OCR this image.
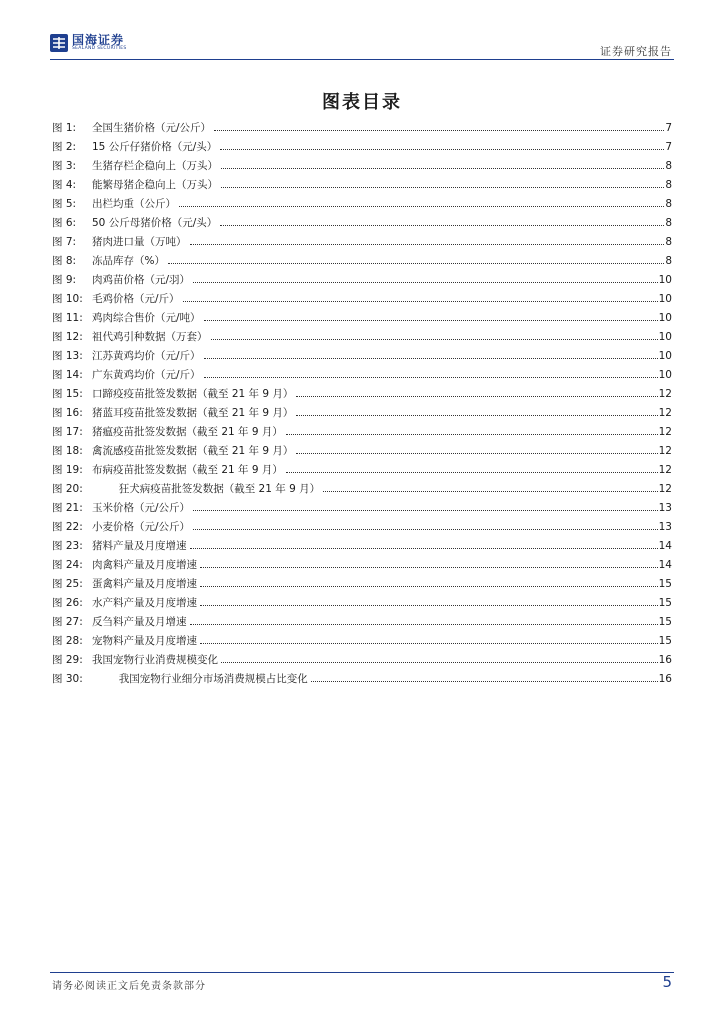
国海证券
SEALAND SECURITIES	证券研究报告
图表目录
图 1: 全国生猪价格（元/公斤）	7
图 2: 15 公斤仔猪价格（元/头）	7
图 3: 生猪存栏企稳向上（万头）	8
图 4: 能繁母猪企稳向上（万头）	8
图 5: 出栏均重（公斤）	8
图 6: 50 公斤母猪价格（元/头）	8
图 7: 猪肉进口量（万吨）	8
图 8: 冻品库存（%）	8
图 9: 肉鸡苗价格（元/羽）	10
图 10: 毛鸡价格（元/斤）	10
图 11: 鸡肉综合售价（元/吨）	10
图 12: 祖代鸡引种数据（万套）	10
图 13: 江苏黄鸡均价（元/斤）	10
图 14: 广东黄鸡均价（元/斤）	10
图 15: 口蹄疫疫苗批签发数据（截至 21 年 9 月）	12
图 16: 猪蓝耳疫苗批签发数据（截至 21 年 9 月）	12
图 17: 猪瘟疫苗批签发数据（截至 21 年 9 月）	12
图 18: 禽流感疫苗批签发数据（截至 21 年 9 月）	12
图 19: 布病疫苗批签发数据（截至 21 年 9 月）	12
图 20:        狂犬病疫苗批签发数据（截至 21 年 9 月）	12
图 21: 玉米价格（元/公斤）	13
图 22: 小麦价格（元/公斤）	13
图 23: 猪料产量及月度增速	14
图 24: 肉禽料产量及月度增速	14
图 25: 蛋禽料产量及月度增速	15
图 26: 水产料产量及月度增速	15
图 27: 反刍料产量及月增速	15
图 28: 宠物料产量及月度增速	15
图 29: 我国宠物行业消费规模变化	16
图 30:        我国宠物行业细分市场消费规模占比变化	16
请务必阅读正文后免责条款部分	5
